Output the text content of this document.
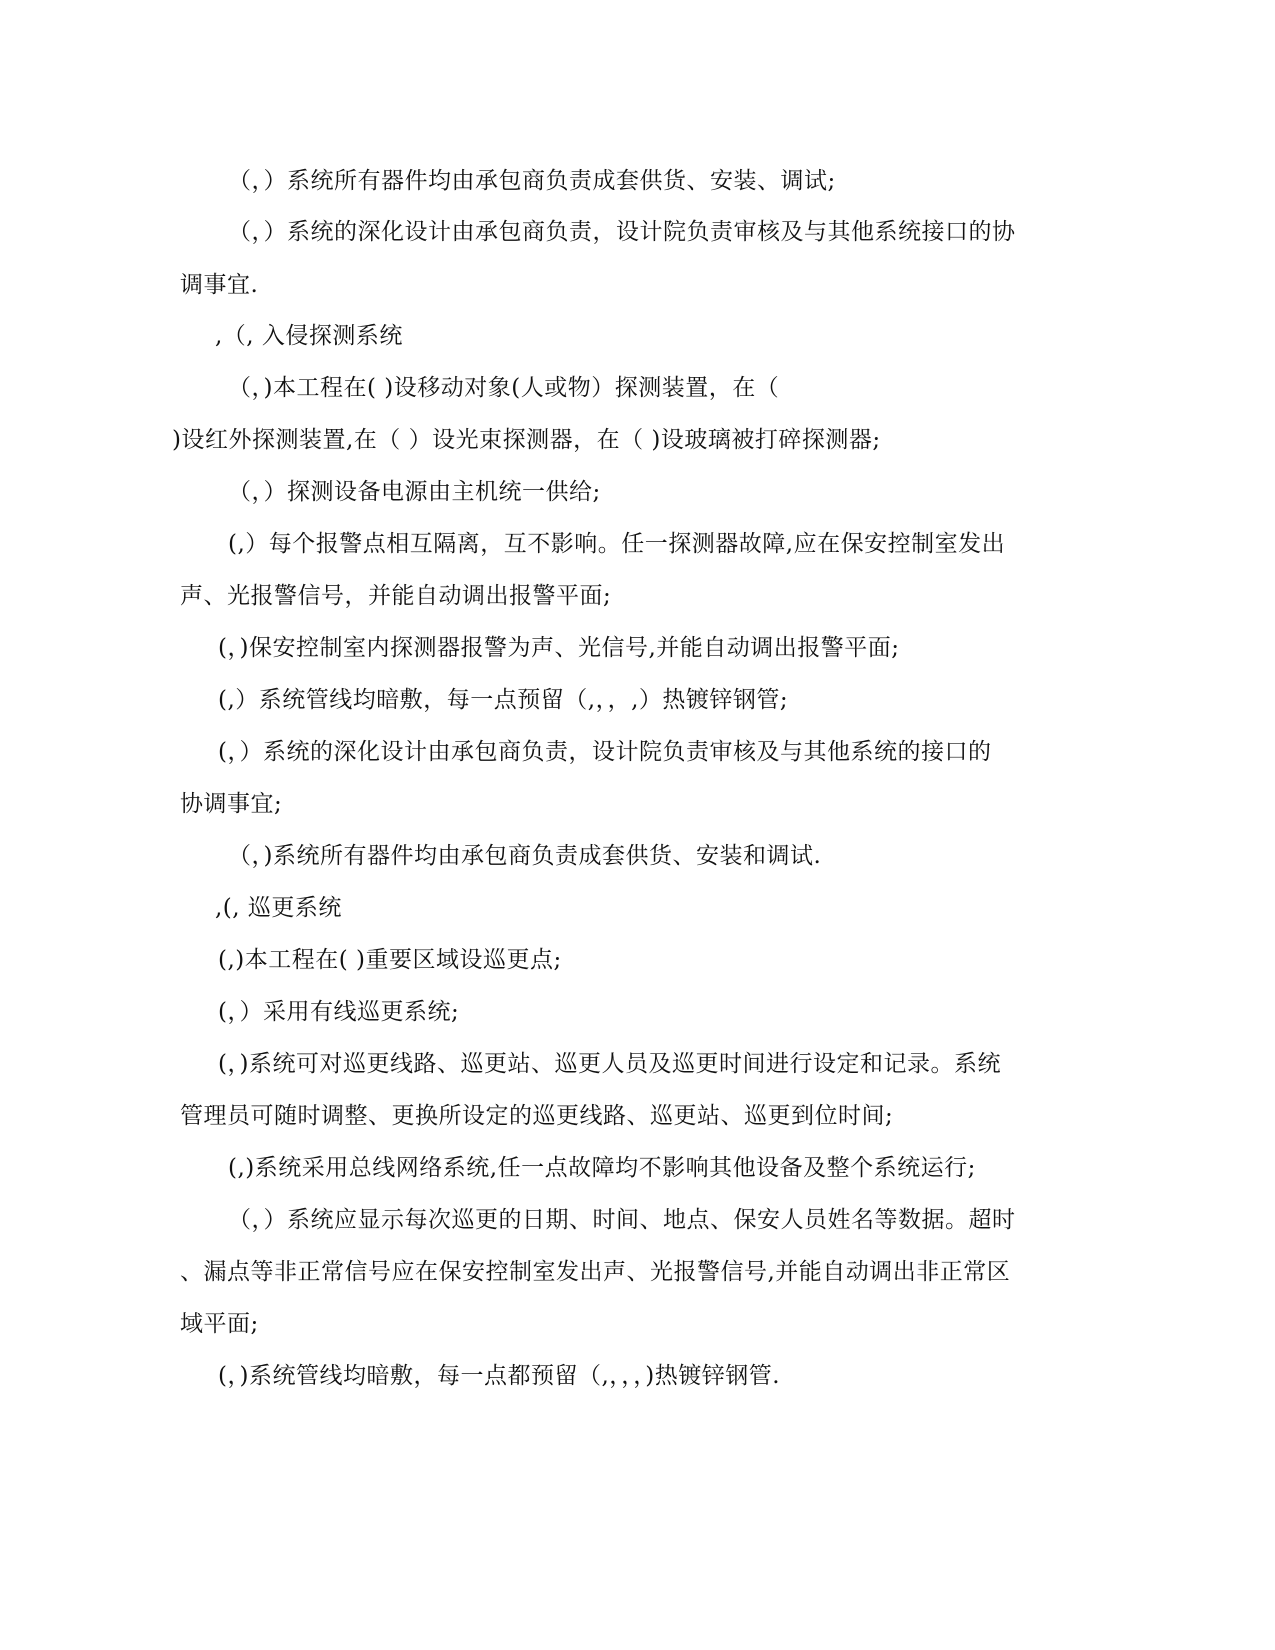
（，）系统所有器件均由承包商负责成套供货、安装、调试;
（，）系统的深化设计由承包商负责，设计院负责审核及与其他系统接口的协
调事宜.
,（, 入侵探测系统
（，)本工程在( )设移动对象(人或物）探测装置，在（
)设红外探测装置,在（ ）设光束探测器，在（ )设玻璃被打碎探测器;
（，）探测设备电源由主机统一供给;
(,）每个报警点相互隔离，互不影响。任一探测器故障,应在保安控制室发出
声、光报警信号，并能自动调出报警平面;
(，)保安控制室内探测器报警为声、光信号,并能自动调出报警平面;
(,）系统管线均暗敷，每一点预留（,，，,）热镀锌钢管;
(，）系统的深化设计由承包商负责，设计院负责审核及与其他系统的接口的
协调事宜;
（，)系统所有器件均由承包商负责成套供货、安装和调试.
,(, 巡更系统
(,)本工程在( )重要区域设巡更点;
(，）采用有线巡更系统;
(，)系统可对巡更线路、巡更站、巡更人员及巡更时间进行设定和记录。系统
管理员可随时调整、更换所设定的巡更线路、巡更站、巡更到位时间;
(,)系统采用总线网络系统,任一点故障均不影响其他设备及整个系统运行;
（，）系统应显示每次巡更的日期、时间、地点、保安人员姓名等数据。超时
、漏点等非正常信号应在保安控制室发出声、光报警信号,并能自动调出非正常区
域平面;
(，)系统管线均暗敷，每一点都预留（,，，，)热镀锌钢管.
